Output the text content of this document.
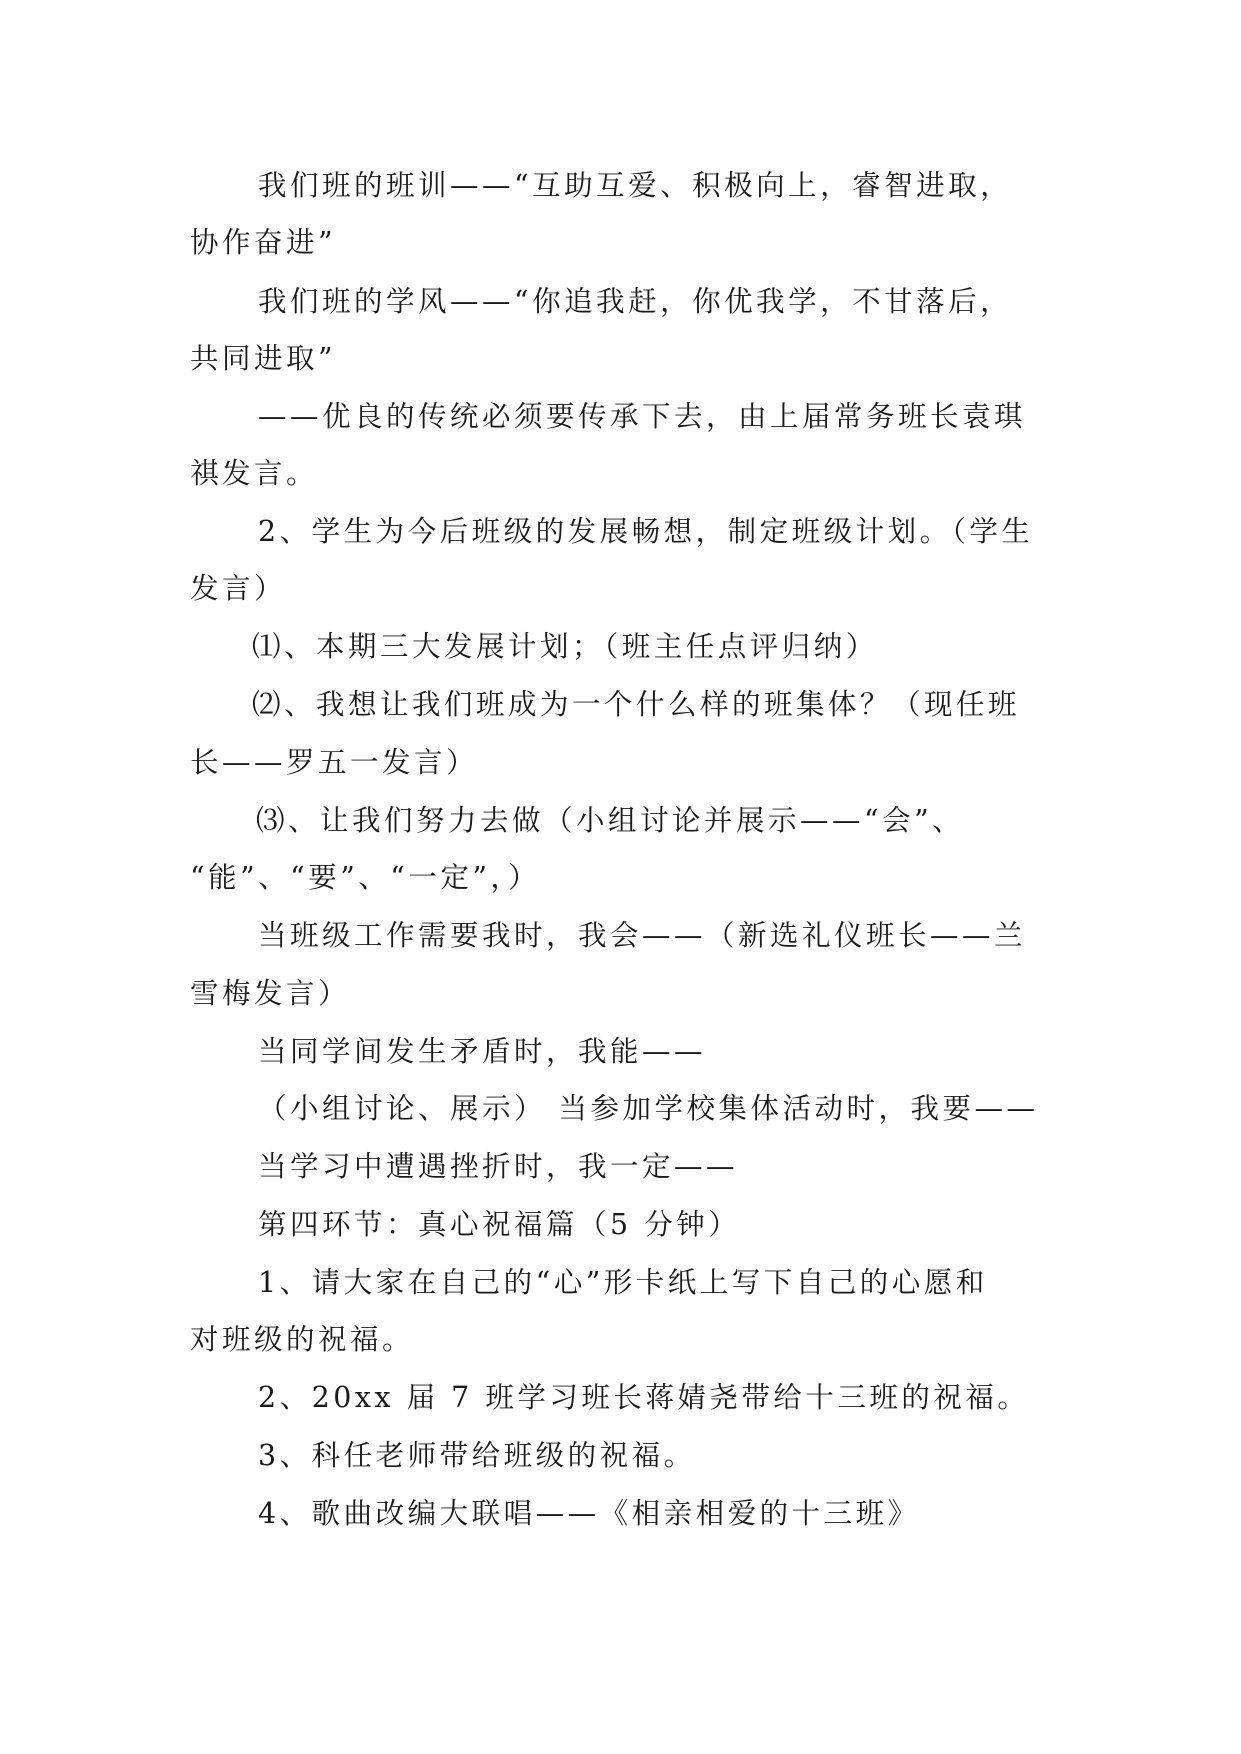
我们班的班训——“互助互爱、积极向上，睿智进取，
协作奋进”
我们班的学风——“你追我赶，你优我学，不甘落后，
共同进取”
——优良的传统必须要传承下去，由上届常务班长袁琪
祺发言。
2、学生为今后班级的发展畅想，制定班级计划。（学生
发言）
⑴、本期三大发展计划；（班主任点评归纳）
⑵、我想让我们班成为一个什么样的班集体？（现任班
长——罗五一发言）
⑶、让我们努力去做（小组讨论并展示——“会”、
“能”、“要”、“一定”，）
当班级工作需要我时，我会——（新选礼仪班长——兰
雪梅发言）
当同学间发生矛盾时，我能——
（小组讨论、展示） 当参加学校集体活动时，我要——
当学习中遭遇挫折时，我一定——
第四环节：真心祝福篇（5 分钟）
1、请大家在自己的“心”形卡纸上写下自己的心愿和
对班级的祝福。
2、20xx 届 7 班学习班长蒋婧尧带给十三班的祝福。
3、科任老师带给班级的祝福。
4、歌曲改编大联唱——《相亲相爱的十三班》
